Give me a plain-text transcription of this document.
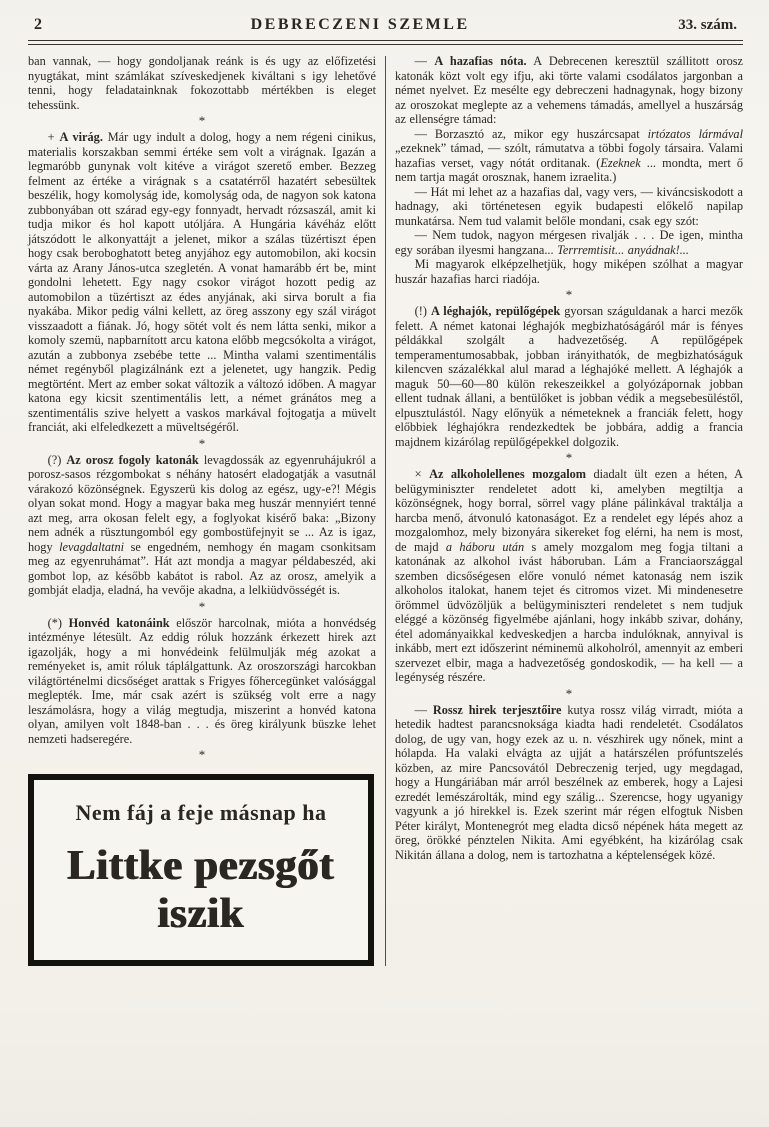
2	DEBRECZENI SZEMLE	33. szám.

ban vannak, — hogy gondoljanak reánk is és ugy az előfizetési nyugtákat, mint számlákat szíveskedjenek kiváltani s igy lehetővé tenni, hogy feladatainknak fokozottabb mértékben is eleget tehessünk.

*

+ A virág. Már ugy indult a dolog, hogy a nem régeni cinikus, materialis korszakban semmi értéke sem volt a virágnak. Igazán a legmaróbb gunynak volt kitéve a virágot szerető ember. Bezzeg felment az értéke a virágnak s a csatatérről hazatért sebesültek beszélik, hogy komolyság ide, komolyság oda, de nagyon sok katona zubbonyában ott szárad egy-egy fonnyadt, hervadt rózsaszál, amit ki tudja mikor és hol kapott utóljára. A Hungária kávéház előtt játszódott le alkonyattájt a jelenet, mikor a szálas tüzértiszt épen hogy csak beroboghatott beteg anyjához egy automobilon, aki kocsin várta az Arany János-utca szegletén. A vonat hamarább ért be, mint gondolni lehetett. Egy nagy csokor virágot hozott pedig az automobilon a tüzértiszt az édes anyjának, aki sirva borult a fia nyakába. Mikor pedig válni kellett, az öreg asszony egy szál virágot visszaadott a fiának. Jó, hogy sötét volt és nem látta senki, mikor a komoly szemü, napbarnított arcu katona előbb megcsókolta a virágot, azután a zubbonya zsebébe tette ... Mintha valami szentimentális német regényből plagizálnánk ezt a jelenetet, ugy hangzik. Pedig megtörtént. Mert az ember sokat változik a változó időben. A magyar katona egy kicsit szentimentális lett, a német gránátos meg a szentimentális szive helyett a vaskos markával fojtogatja a müvelt franciát, aki elfeledkezett a müveltségéről.

*

(?) Az orosz fogoly katonák levagdossák az egyenruhájukról a porosz-sasos rézgombokat s néhány hatosért eladogatják a vasutnál várakozó közönségnek. Egyszerü kis dolog az egész, ugy-e?! Mégis olyan sokat mond. Hogy a magyar baka meg huszár mennyiért tenné azt meg, arra okosan felelt egy, a foglyokat kisérő baka: „Bizony nem adnék a rüsztungomból egy gombostüfejnyit se ... Az is igaz, hogy levagdaltatni se engedném, nemhogy én magam csonkitsam meg az egyenruhámat”. Hát azt mondja a magyar példabeszéd, aki gombot lop, az később kabátot is rabol. Az az orosz, amelyik a gombját eladja, eladná, ha vevője akadna, a lelkiüdvösségét is.

*

(*) Honvéd katonáink először harcolnak, mióta a honvédség intézménye létesült. Az eddig róluk hozzánk érkezett hirek azt igazolják, hogy a mi honvédeink felülmulják még azokat a reményeket is, amit róluk táplálgattunk. Az oroszországi harcokban világtörténelmi dicsőséget arattak s Frigyes főhercegünket valósággal meglepték. Ime, már csak azért is szükség volt erre a nagy leszámolásra, hogy a világ megtudja, miszerint a honvéd katona olyan, amilyen volt 1848-ban . . . és öreg királyunk büszke lehet nemzeti hadseregére.

*
Nem fáj a feje másnap ha
Littke pezsgőt iszik

— A hazafias nóta. A Debrecenen keresztül szállitott orosz katonák közt volt egy ifju, aki törte valami csodálatos jargonban a német nyelvet. Ez mesélte egy debreczeni hadnagynak, hogy bizony az oroszokat meglepte az a vehemens támadás, amellyel a huszárság az ellenségre támad:

— Borzasztó az, mikor egy huszárcsapat irtózatos lármával „ezeknek” támad, — szólt, rámutatva a többi fogoly társaira. Valami hazafias verset, vagy nótát orditanak. (Ezeknek ... mondta, mert ő nem tartja magát orosznak, hanem izraelita.)

— Hát mi lehet az a hazafias dal, vagy vers, — kiváncsiskodott a hadnagy, aki történetesen egyik budapesti előkelő napilap munkatársa. Nem tud valamit belőle mondani, csak egy szót:

— Nem tudok, nagyon mérgesen rivalják . . . De igen, mintha egy sorában ilyesmi hangzana... Terrremtisit... anyádnak!...

Mi magyarok elképzelhetjük, hogy miképen szólhat a magyar huszár hazafias harci riadója.

*

(!) A léghajók, repülőgépek gyorsan száguldanak a harci mezők felett. A német katonai léghajók megbizhatóságáról már is fényes példákkal szolgált a hadvezetőség. A repülőgépek temperamentumosabbak, jobban irányithatók, de megbizhatóságuk kilencven százalékkal alul marad a léghajóké mellett. A léghajók a maguk 50—60—80 külön rekeszeikkel a golyózápornak jobban ellent tudnak állani, a bentülőket is jobban védik a megsebesüléstől, elpusztulástól. Nagy előnyük a németeknek a franciák felett, hogy előbbiek léghajókra rendezkedtek be jobbára, addig a francia majdnem kizárólag repülőgépekkel dolgozik.

*

× Az alkoholellenes mozgalom diadalt ült ezen a héten, A belügyminiszter rendeletet adott ki, amelyben megtiltja a közönségnek, hogy borral, sörrel vagy pláne pálinkával traktálja a harcba menő, átvonuló katonaságot. Ez a rendelet egy lépés ahoz a mozgalomhoz, mely bizonyára sikereket fog elérni, ha nem is most, de majd a háboru után s amely mozgalom meg fogja tiltani a katonának az alkohol ivást háboruban. Lám a Franciaországgal szemben dicsőségesen előre vonuló német katonaság nem iszik alkoholos italokat, hanem tejet és citromos vizet. Mi mindenesetre örömmel üdvözöljük a belügyminiszteri rendeletet s nem tudjuk eléggé a közönség figyelmébe ajánlani, hogy inkább szivar, dohány, étel adományaikkal kedveskedjen a harcba indulóknak, annyival is inkább, mert ezt időszerint néminemü alkoholról, amennyit az emberi szervezet elbir, maga a hadvezetőség gondoskodik, — ha kell — a legénység részére.

*

— Rossz hirek terjesztőire kutya rossz világ virradt, mióta a hetedik hadtest parancsnoksága kiadta hadi rendeletét. Csodálatos dolog, de ugy van, hogy ezek az u. n. vészhirek ugy nőnek, mint a hólapda. Ha valaki elvágta az ujját a határszélen prófuntszelés közben, az mire Pancsovától Debreczenig terjed, ugy megdagad, hogy a Hungáriában már arról beszélnek az emberek, hogy a Lajesi ezredét lemészárolták, mind egy szálig... Szerencse, hogy ugyanigy vagyunk a jó hirekkel is. Ezek szerint már régen elfogtuk Nisben Péter királyt, Montenegrót meg eladta dicső népének háta megett az öreg, örökké pénztelen Nikita. Ami egyébként, ha kizárólag csak Nikitán állana a dolog, nem is tartozhatna a képtelenségek közé.
